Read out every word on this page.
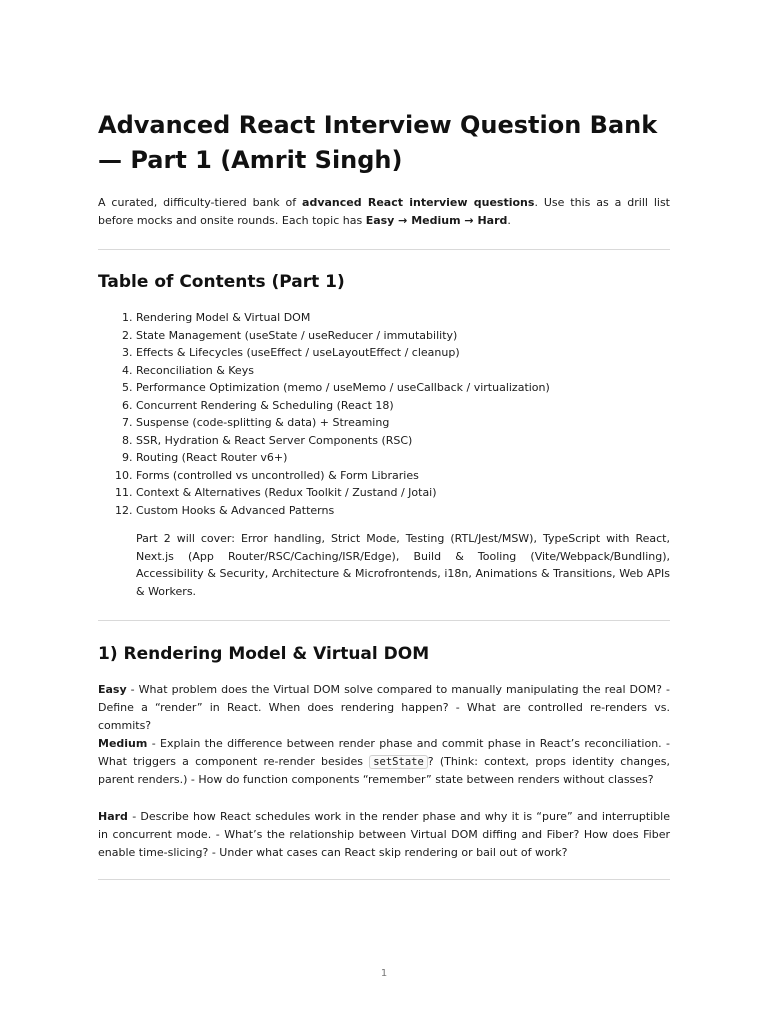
Advanced React Interview Question Bank — Part 1 (Amrit Singh)

A curated, difficulty-tiered bank of advanced React interview questions. Use this as a drill list before mocks and onsite rounds. Each topic has Easy → Medium → Hard.

Table of Contents (Part 1)
1. Rendering Model & Virtual DOM
2. State Management (useState / useReducer / immutability)
3. Effects & Lifecycles (useEffect / useLayoutEffect / cleanup)
4. Reconciliation & Keys
5. Performance Optimization (memo / useMemo / useCallback / virtualization)
6. Concurrent Rendering & Scheduling (React 18)
7. Suspense (code-splitting & data) + Streaming
8. SSR, Hydration & React Server Components (RSC)
9. Routing (React Router v6+)
10. Forms (controlled vs uncontrolled) & Form Libraries
11. Context & Alternatives (Redux Toolkit / Zustand / Jotai)
12. Custom Hooks & Advanced Patterns

Part 2 will cover: Error handling, Strict Mode, Testing (RTL/Jest/MSW), TypeScript with React, Next.js (App Router/RSC/Caching/ISR/Edge), Build & Tooling (Vite/Webpack/Bundling), Accessibility & Security, Architecture & Microfrontends, i18n, Animations & Transitions, Web APIs & Workers.

1) Rendering Model & Virtual DOM

Easy - What problem does the Virtual DOM solve compared to manually manipulating the real DOM? - Define a “render” in React. When does rendering happen? - What are controlled re-renders vs. commits?

Medium - Explain the difference between render phase and commit phase in React’s reconciliation. - What triggers a component re-render besides setState ? (Think: context, props identity changes, parent renders.) - How do function components “remember” state between renders without classes?

Hard - Describe how React schedules work in the render phase and why it is “pure” and interruptible in concurrent mode. - What’s the relationship between Virtual DOM diffing and Fiber? How does Fiber enable time-slicing? - Under what cases can React skip rendering or bail out of work?

1
